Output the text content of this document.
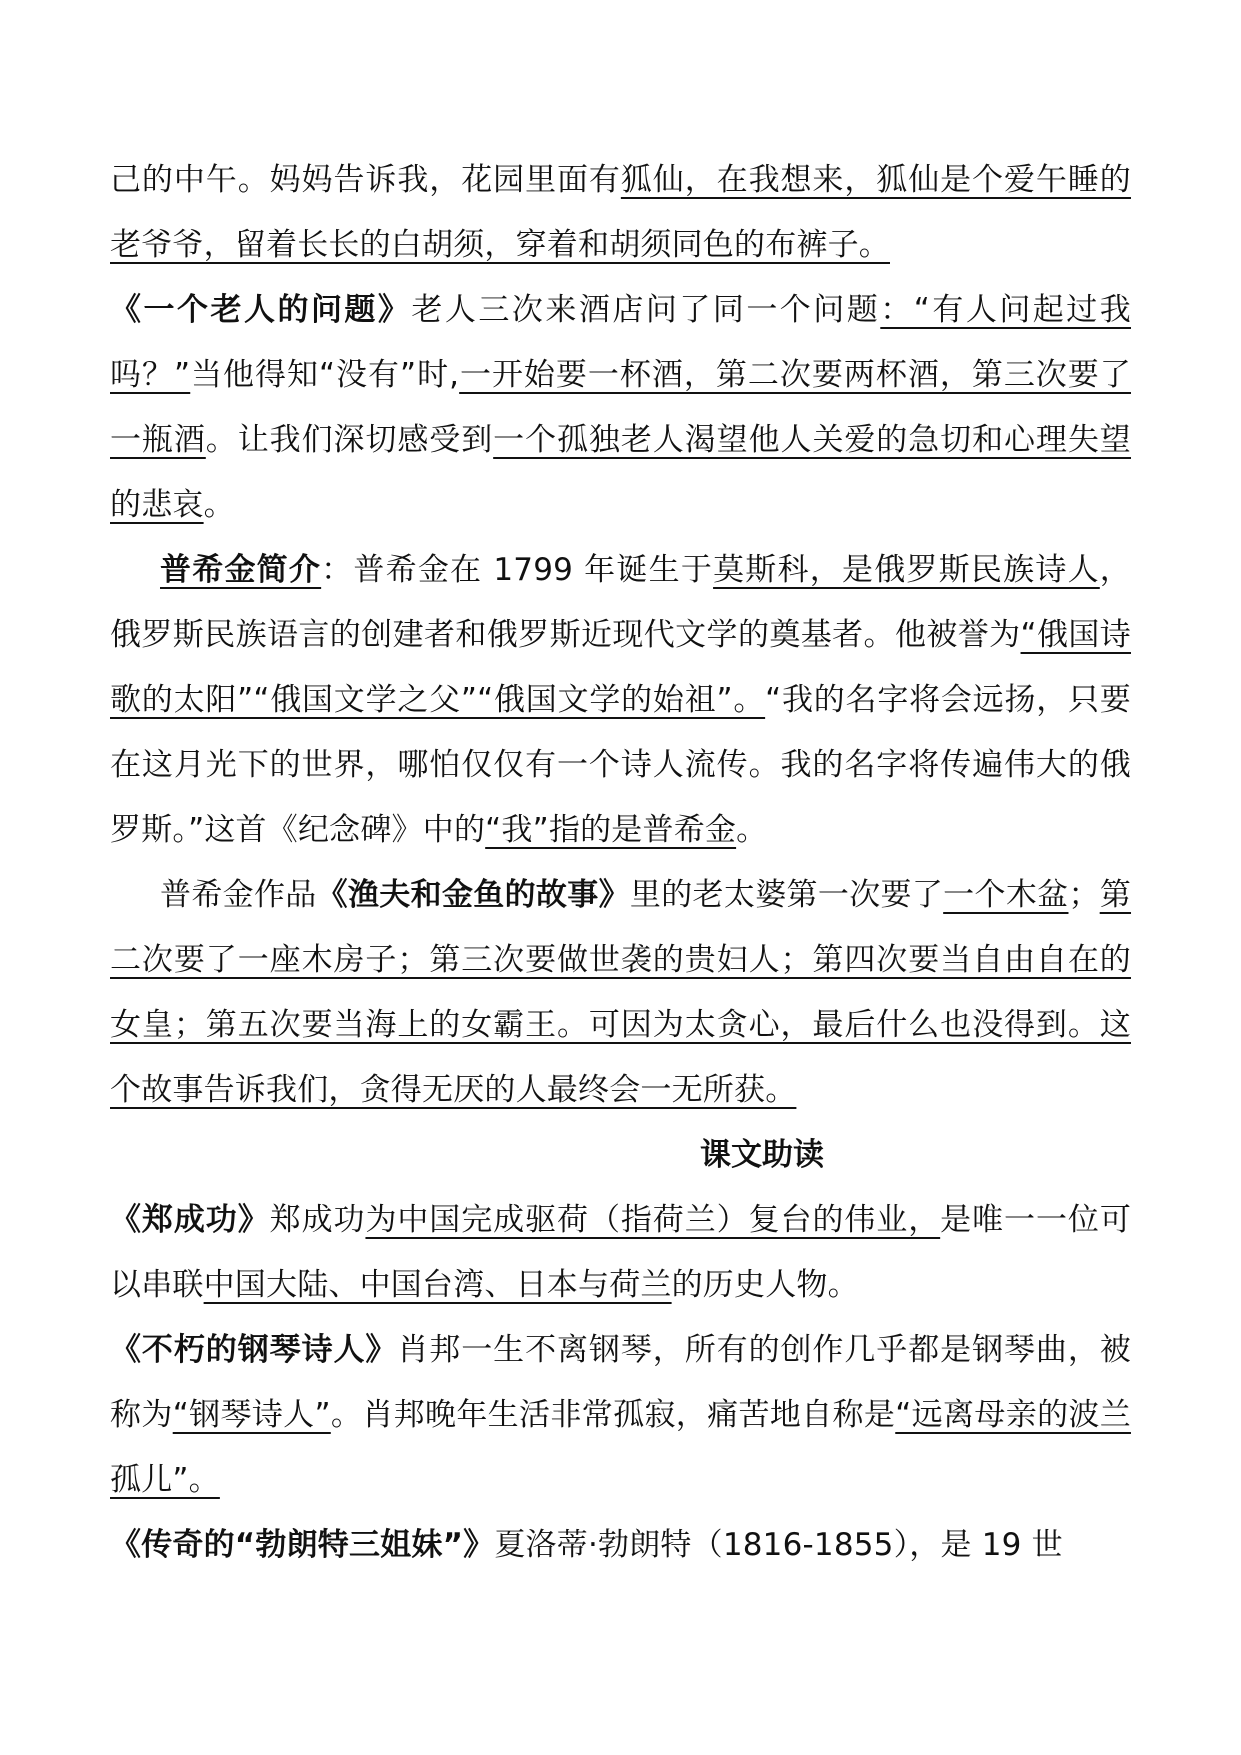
己的中午。妈妈告诉我，花园里面有狐仙，在我想来，狐仙是个爱午睡的老爷爷，留着长长的白胡须，穿着和胡须同色的布裤子。

《一个老人的问题》老人三次来酒店问了同一个问题：“有人问起过我吗？”当他得知“没有”时,一开始要一杯酒，第二次要两杯酒，第三次要了一瓶酒。让我们深切感受到一个孤独老人渴望他人关爱的急切和心理失望的悲哀。

普希金简介：普希金在 1799 年诞生于莫斯科，是俄罗斯民族诗人，俄罗斯民族语言的创建者和俄罗斯近现代文学的奠基者。他被誉为“俄国诗歌的太阳”“俄国文学之父”“俄国文学的始祖”。“我的名字将会远扬，只要在这月光下的世界，哪怕仅仅有一个诗人流传。我的名字将传遍伟大的俄罗斯。”这首《纪念碑》中的“我”指的是普希金。

普希金作品《渔夫和金鱼的故事》里的老太婆第一次要了一个木盆；第二次要了一座木房子；第三次要做世袭的贵妇人；第四次要当自由自在的女皇；第五次要当海上的女霸王。可因为太贪心，最后什么也没得到。这个故事告诉我们，贪得无厌的人最终会一无所获。

课文助读

《郑成功》郑成功为中国完成驱荷（指荷兰）复台的伟业，是唯一一位可以串联中国大陆、中国台湾、日本与荷兰的历史人物。

《不朽的钢琴诗人》肖邦一生不离钢琴，所有的创作几乎都是钢琴曲，被称为“钢琴诗人”。肖邦晚年生活非常孤寂，痛苦地自称是“远离母亲的波兰孤儿”。

《传奇的“勃朗特三姐妹”》夏洛蒂·勃朗特（1816-1855），是 19 世
